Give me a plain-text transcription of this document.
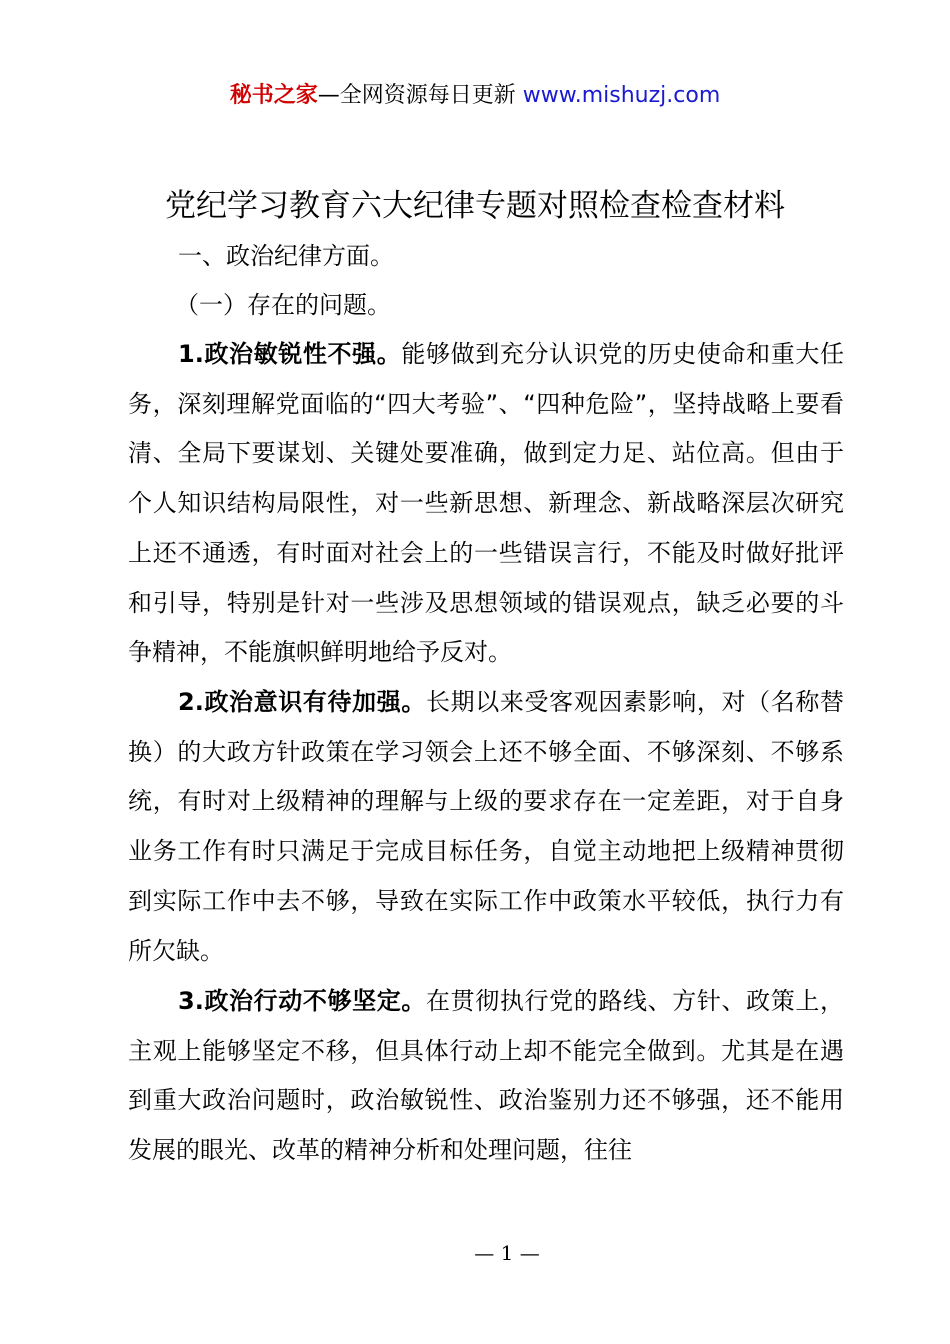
秘书之家—全网资源每日更新 www.mishuzj.com
党纪学习教育六大纪律专题对照检查检查材料
一、政治纪律方面。
（一）存在的问题。
1.政治敏锐性不强。能够做到充分认识党的历史使命和重大任务，深刻理解党面临的“四大考验”、“四种危险”，坚持战略上要看清、全局下要谋划、关键处要准确，做到定力足、站位高。但由于个人知识结构局限性，对一些新思想、新理念、新战略深层次研究上还不通透，有时面对社会上的一些错误言行，不能及时做好批评和引导，特别是针对一些涉及思想领域的错误观点，缺乏必要的斗争精神，不能旗帜鲜明地给予反对。
2.政治意识有待加强。长期以来受客观因素影响，对（名称替换）的大政方针政策在学习领会上还不够全面、不够深刻、不够系统，有时对上级精神的理解与上级的要求存在一定差距，对于自身业务工作有时只满足于完成目标任务，自觉主动地把上级精神贯彻到实际工作中去不够，导致在实际工作中政策水平较低，执行力有所欠缺。
3.政治行动不够坚定。在贯彻执行党的路线、方针、政策上，主观上能够坚定不移，但具体行动上却不能完全做到。尤其是在遇到重大政治问题时，政治敏锐性、政治鉴别力还不够强，还不能用发展的眼光、改革的精神分析和处理问题，往往
— 1 —
